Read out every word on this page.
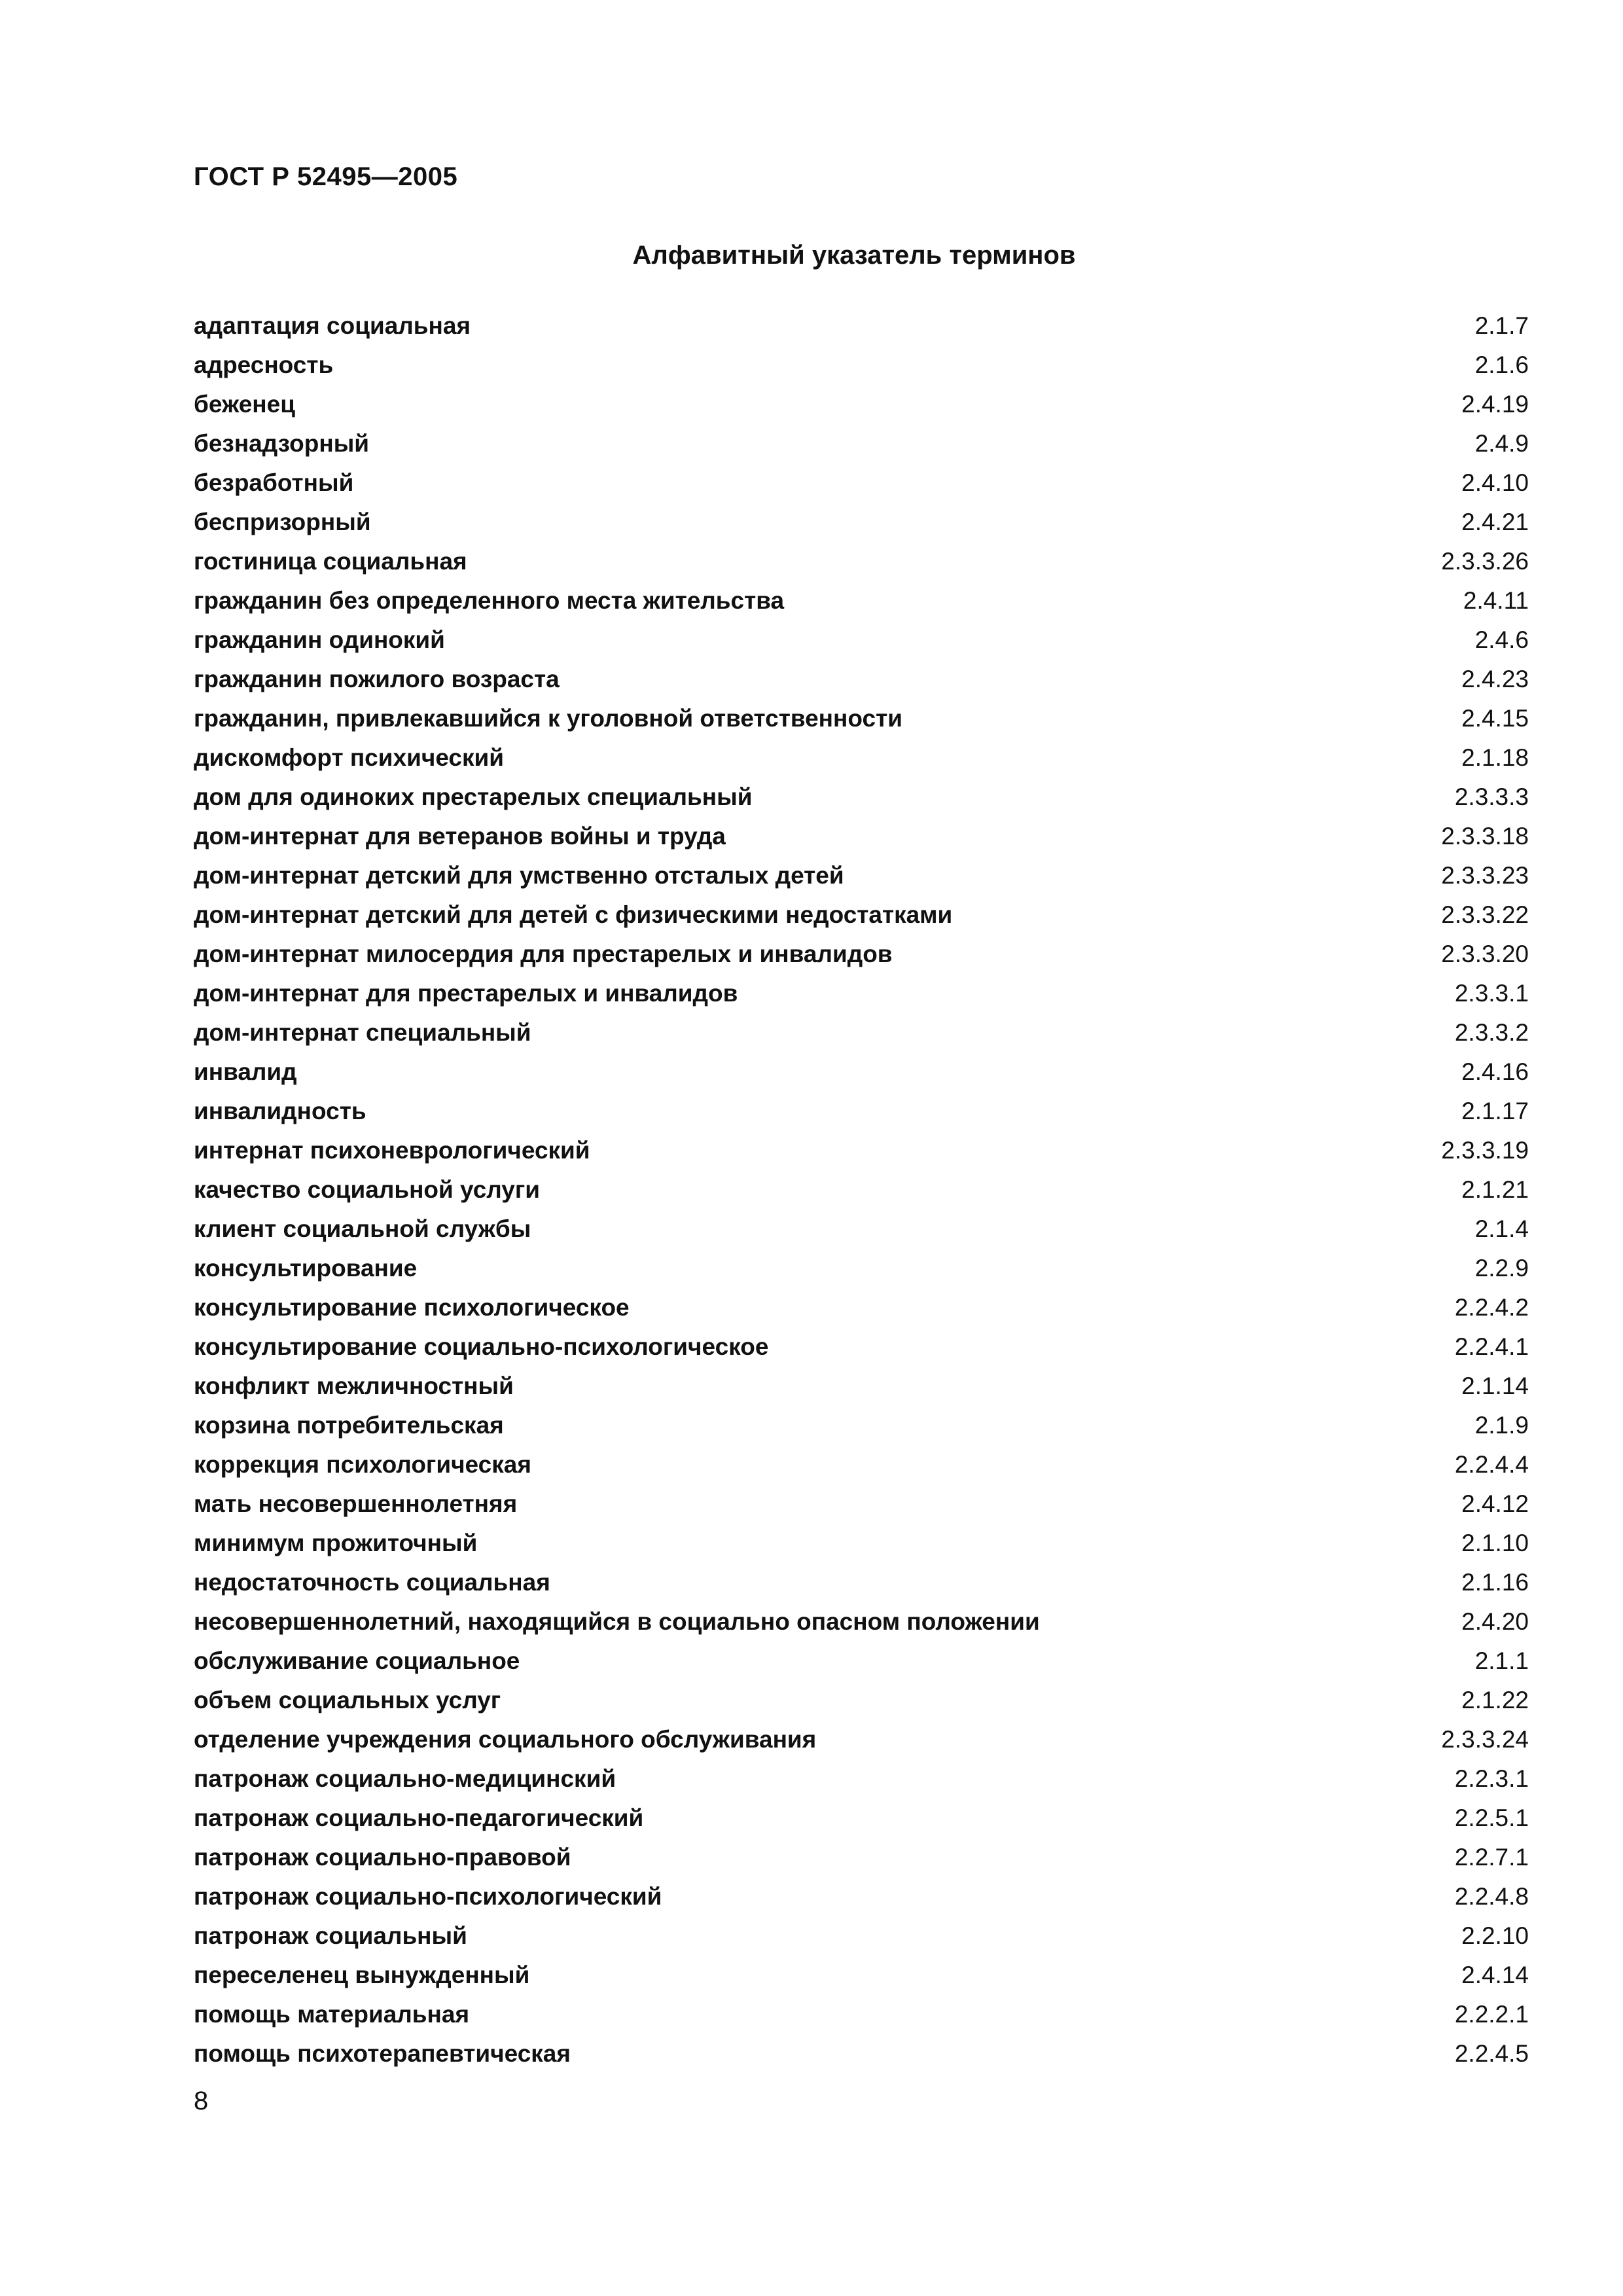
ГОСТ Р 52495—2005
Алфавитный указатель терминов
адаптация социальная	2.1.7
адресность	2.1.6
беженец	2.4.19
безнадзорный	2.4.9
безработный	2.4.10
беспризорный	2.4.21
гостиница социальная	2.3.3.26
гражданин без определенного места жительства	2.4.11
гражданин одинокий	2.4.6
гражданин пожилого возраста	2.4.23
гражданин, привлекавшийся к уголовной ответственности	2.4.15
дискомфорт психический	2.1.18
дом для одиноких престарелых специальный	2.3.3.3
дом-интернат для ветеранов войны и труда	2.3.3.18
дом-интернат детский для умственно отсталых детей	2.3.3.23
дом-интернат детский для детей с физическими недостатками	2.3.3.22
дом-интернат милосердия для престарелых и инвалидов	2.3.3.20
дом-интернат для престарелых и инвалидов	2.3.3.1
дом-интернат специальный	2.3.3.2
инвалид	2.4.16
инвалидность	2.1.17
интернат психоневрологический	2.3.3.19
качество социальной услуги	2.1.21
клиент социальной службы	2.1.4
консультирование	2.2.9
консультирование психологическое	2.2.4.2
консультирование социально-психологическое	2.2.4.1
конфликт межличностный	2.1.14
корзина потребительская	2.1.9
коррекция психологическая	2.2.4.4
мать несовершеннолетняя	2.4.12
минимум прожиточный	2.1.10
недостаточность социальная	2.1.16
несовершеннолетний, находящийся в социально опасном положении	2.4.20
обслуживание социальное	2.1.1
объем социальных услуг	2.1.22
отделение учреждения социального обслуживания	2.3.3.24
патронаж социально-медицинский	2.2.3.1
патронаж социально-педагогический	2.2.5.1
патронаж социально-правовой	2.2.7.1
патронаж социально-психологический	2.2.4.8
патронаж социальный	2.2.10
переселенец вынужденный	2.4.14
помощь материальная	2.2.2.1
помощь психотерапевтическая	2.2.4.5
8
